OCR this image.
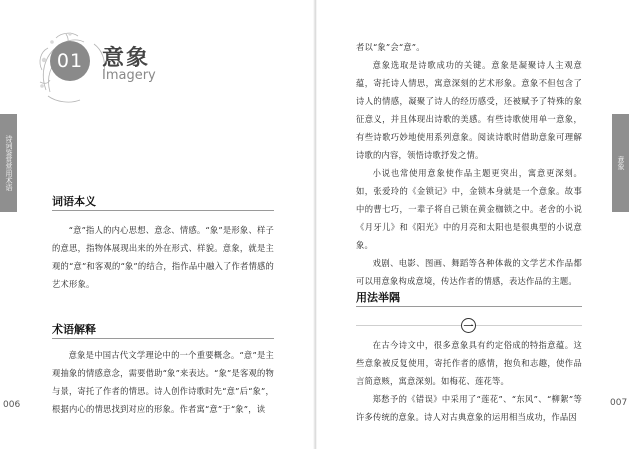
01 意象
Imagery
诗词鉴赏常用术语
006
词语本义

“意”指人的内心思想、意念、情感。“象”是形象、样子的意思，指物体展现出来的外在形式、样貌。意象，就是主观的“意”和客观的“象”的结合，指作品中融入了作者情感的艺术形象。

术语解释

意象是中国古代文学理论中的一个重要概念。“意”是主观抽象的情感意念，需要借助“象”来表达。“象”是客观的物与景，寄托了作者的情思。诗人创作诗歌时先“意”后“象”，根据内心的情思找到对应的形象。作者寓“意”于“象”，读

者以“象”会“意”。

意象选取是诗歌成功的关键。意象是凝聚诗人主观意蕴，寄托诗人情思，寓意深刻的艺术形象。意象不但包含了诗人的情感，凝聚了诗人的经历感受，还被赋予了特殊的象征意义，并且体现出诗歌的美感。有些诗歌使用单一意象，有些诗歌巧妙地使用系列意象。阅读诗歌时借助意象可理解诗歌的内容，领悟诗歌抒发之情。

小说也常使用意象使作品主题更突出，寓意更深刻。如，张爱玲的《金锁记》中，金锁本身就是一个意象。故事中的曹七巧，一辈子将自己锁在黄金枷锁之中。老舍的小说《月牙儿》和《阳光》中的月亮和太阳也是很典型的小说意象。

戏剧、电影、图画、舞蹈等各种体裁的文学艺术作品都可以用意象构成意境，传达作者的情感，表达作品的主题。

意象
007
用法举隅
一

在古今诗文中，很多意象具有约定俗成的特指意蕴。这些意象被反复使用，寄托作者的感情，抱负和志趣，使作品言简意赅，寓意深刻。如梅花、莲花等。

郑愁予的《错误》中采用了“莲花”、“东风”、“柳絮”等许多传统的意象。诗人对古典意象的运用相当成功，作品因
